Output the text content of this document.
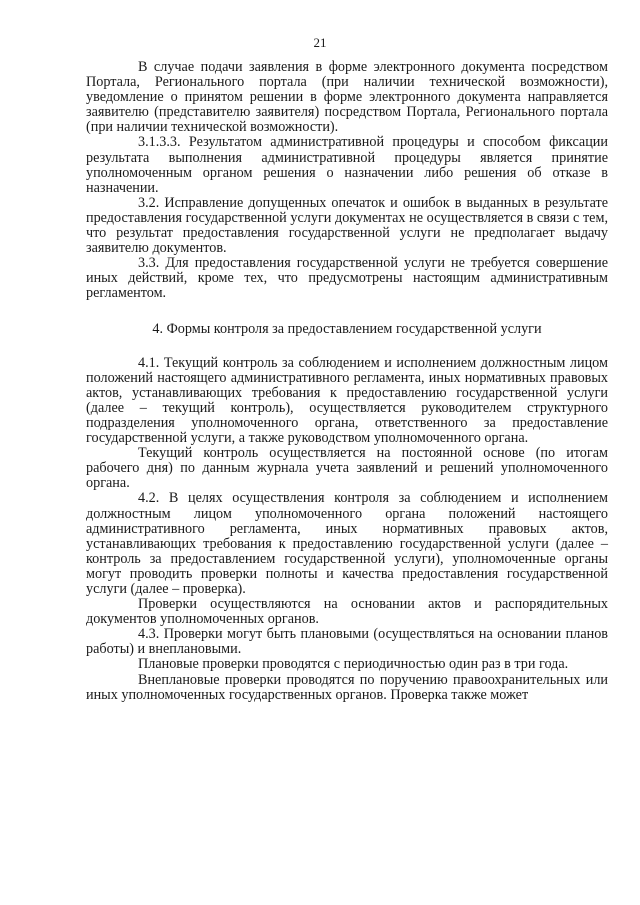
21

В случае подачи заявления в форме электронного документа посредством Портала, Регионального портала (при наличии технической возможности), уведомление о принятом решении в форме электронного документа направляется заявителю (представителю заявителя) посредством Портала, Регионального портала (при наличии технической возможности).

3.1.3.3. Результатом административной процедуры и способом фиксации результата выполнения административной процедуры является принятие уполномоченным органом решения о назначении либо решения об отказе в назначении.

3.2. Исправление допущенных опечаток и ошибок в выданных в результате предоставления государственной услуги документах не осуществляется в связи с тем, что результат предоставления государственной услуги не предполагает выдачу заявителю документов.

3.3. Для предоставления государственной услуги не требуется совершение иных действий, кроме тех, что предусмотрены настоящим административным регламентом.

4. Формы контроля за предоставлением государственной услуги

4.1. Текущий контроль за соблюдением и исполнением должностным лицом положений настоящего административного регламента, иных нормативных правовых актов, устанавливающих требования к предоставлению государственной услуги (далее – текущий контроль), осуществляется руководителем структурного подразделения уполномоченного органа, ответственного за предоставление государственной услуги, а также руководством уполномоченного органа.

Текущий контроль осуществляется на постоянной основе (по итогам рабочего дня) по данным журнала учета заявлений и решений уполномоченного органа.

4.2. В целях осуществления контроля за соблюдением и исполнением должностным лицом уполномоченного органа положений настоящего административного регламента, иных нормативных правовых актов, устанавливающих требования к предоставлению государственной услуги (далее – контроль за предоставлением государственной услуги), уполномоченные органы могут проводить проверки полноты и качества предоставления государственной услуги (далее – проверка).

Проверки осуществляются на основании актов и распорядительных документов уполномоченных органов.

4.3. Проверки могут быть плановыми (осуществляться на основании планов работы) и внеплановыми.

Плановые проверки проводятся с периодичностью один раз в три года.

Внеплановые проверки проводятся по поручению правоохранительных или иных уполномоченных государственных органов. Проверка также может
